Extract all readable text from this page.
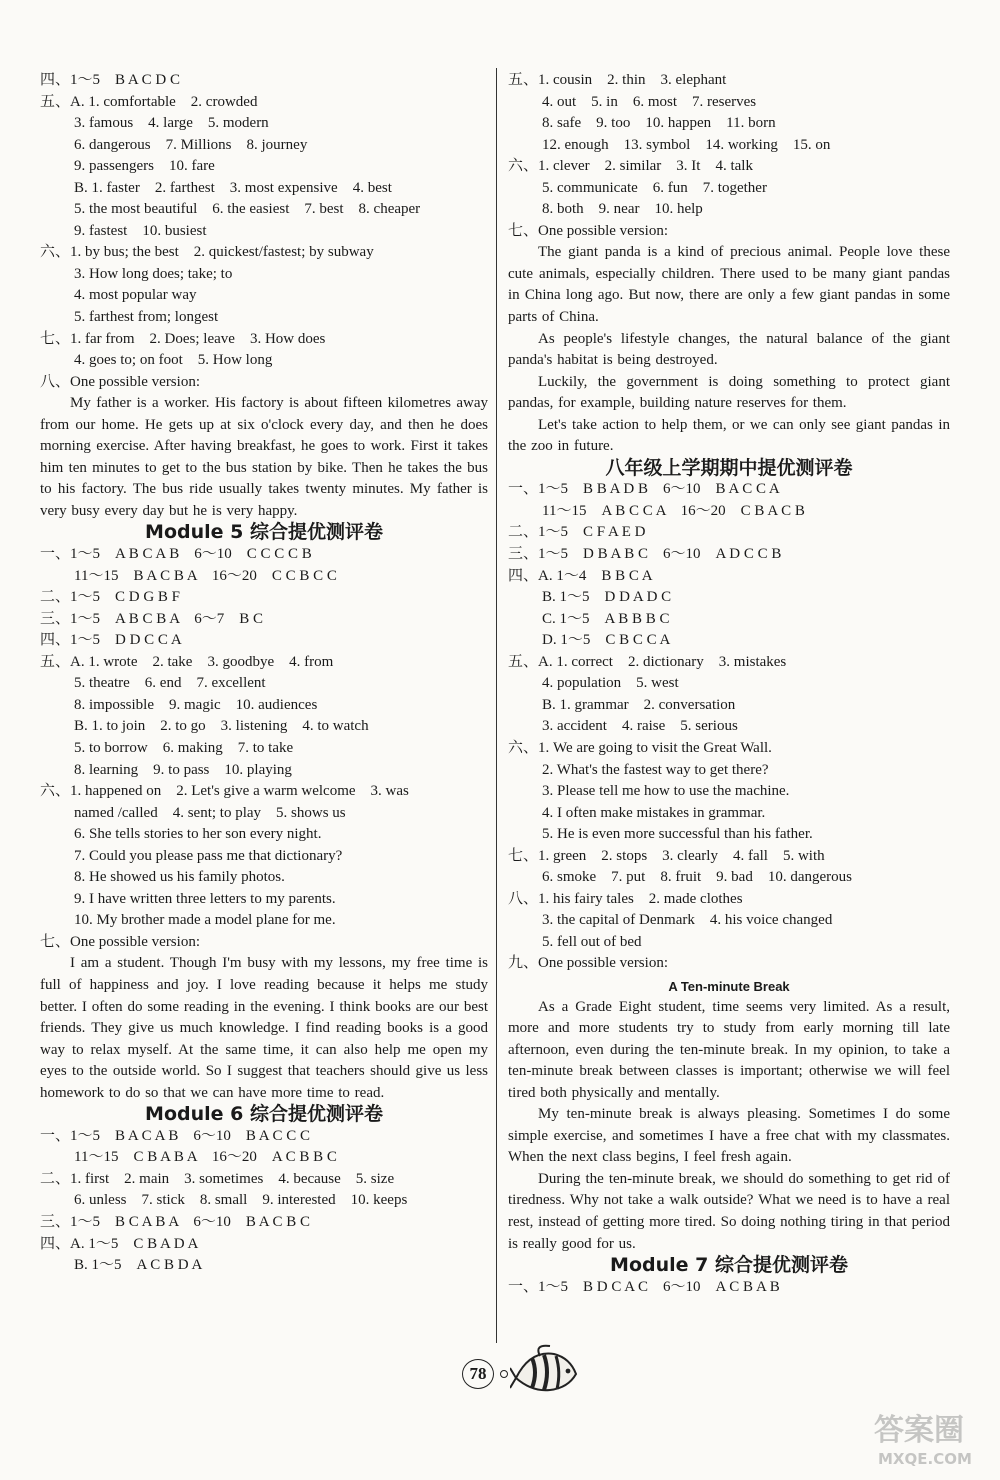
四、1～5　B A C D C
五、A. 1. comfortable　2. crowded
3. famous　4. large　5. modern
6. dangerous　7. Millions　8. journey
9. passengers　10. fare
B. 1. faster　2. farthest　3. most expensive　4. best
5. the most beautiful　6. the easiest　7. best　8. cheaper
9. fastest　10. busiest
六、1. by bus; the best　2. quickest/fastest; by subway
3. How long does; take; to
4. most popular way
5. farthest from; longest
七、1. far from　2. Does; leave　3. How does
4. goes to; on foot　5. How long
八、One possible version:
My father is a worker. His factory is about fifteen kilometres away from our home. He gets up at six o'clock every day, and then he does morning exercise. After having breakfast, he goes to work. First it takes him ten minutes to get to the bus station by bike. Then he takes the bus to his factory. The bus ride usually takes twenty minutes. My father is very busy every day but he is very happy.
Module 5 综合提优测评卷
一、1～5　A B C A B　6～10　C C C C B
11～15　B A C B A　16～20　C C B C C
二、1～5　C D G B F
三、1～5　A B C B A　6～7　B C
四、1～5　D D C C A
五、A. 1. wrote　2. take　3. goodbye　4. from
5. theatre　6. end　7. excellent
8. impossible　9. magic　10. audiences
B. 1. to join　2. to go　3. listening　4. to watch
5. to borrow　6. making　7. to take
8. learning　9. to pass　10. playing
六、1. happened on　2. Let's give a warm welcome　3. was
named /called　4. sent; to play　5. shows us
6. She tells stories to her son every night.
7. Could you please pass me that dictionary?
8. He showed us his family photos.
9. I have written three letters to my parents.
10. My brother made a model plane for me.
七、One possible version:
I am a student. Though I'm busy with my lessons, my free time is full of happiness and joy. I love reading because it helps me study better. I often do some reading in the evening. I think books are our best friends. They give us much knowledge. I find reading books is a good way to relax myself. At the same time, it can also help me open my eyes to the outside world. So I suggest that teachers should give us less homework to do so that we can have more time to read.
Module 6 综合提优测评卷
一、1～5　B A C A B　6～10　B A C C C
11～15　C B A B A　16～20　A C B B C
二、1. first　2. main　3. sometimes　4. because　5. size
6. unless　7. stick　8. small　9. interested　10. keeps
三、1～5　B C A B A　6～10　B A C B C
四、A. 1～5　C B A D A
B. 1～5　A C B D A
五、1. cousin　2. thin　3. elephant
4. out　5. in　6. most　7. reserves
8. safe　9. too　10. happen　11. born
12. enough　13. symbol　14. working　15. on
六、1. clever　2. similar　3. It　4. talk
5. communicate　6. fun　7. together
8. both　9. near　10. help
七、One possible version:
The giant panda is a kind of precious animal. People love these cute animals, especially children. There used to be many giant pandas in China long ago. But now, there are only a few giant pandas in some parts of China.
As people's lifestyle changes, the natural balance of the giant panda's habitat is being destroyed.
Luckily, the government is doing something to protect giant pandas, for example, building nature reserves for them.
Let's take action to help them, or we can only see giant pandas in the zoo in future.
八年级上学期期中提优测评卷
一、1～5　B B A D B　6～10　B A C C A
11～15　A B C C A　16～20　C B A C B
二、1～5　C F A E D
三、1～5　D B A B C　6～10　A D C C B
四、A. 1～4　B B C A
B. 1～5　D D A D C
C. 1～5　A B B B C
D. 1～5　C B C C A
五、A. 1. correct　2. dictionary　3. mistakes
4. population　5. west
B. 1. grammar　2. conversation
3. accident　4. raise　5. serious
六、1. We are going to visit the Great Wall.
2. What's the fastest way to get there?
3. Please tell me how to use the machine.
4. I often make mistakes in grammar.
5. He is even more successful than his father.
七、1. green　2. stops　3. clearly　4. fall　5. with
6. smoke　7. put　8. fruit　9. bad　10. dangerous
八、1. his fairy tales　2. made clothes
3. the capital of Denmark　4. his voice changed
5. fell out of bed
九、One possible version:
A Ten-minute Break
As a Grade Eight student, time seems very limited. As a result, more and more students try to study from early morning till late afternoon, even during the ten-minute break. In my opinion, to take a ten-minute break between classes is important; otherwise we will feel tired both physically and mentally.
My ten-minute break is always pleasing. Sometimes I do some simple exercise, and sometimes I have a free chat with my classmates. When the next class begins, I feel fresh again.
During the ten-minute break, we should do something to get rid of tiredness. Why not take a walk outside? What we need is to have a real rest, instead of getting more tired. So doing nothing tiring in that period is really good for us.
Module 7 综合提优测评卷
一、1～5　B D C A C　6～10　A C B A B
78
答案圈
MXQE.COM
